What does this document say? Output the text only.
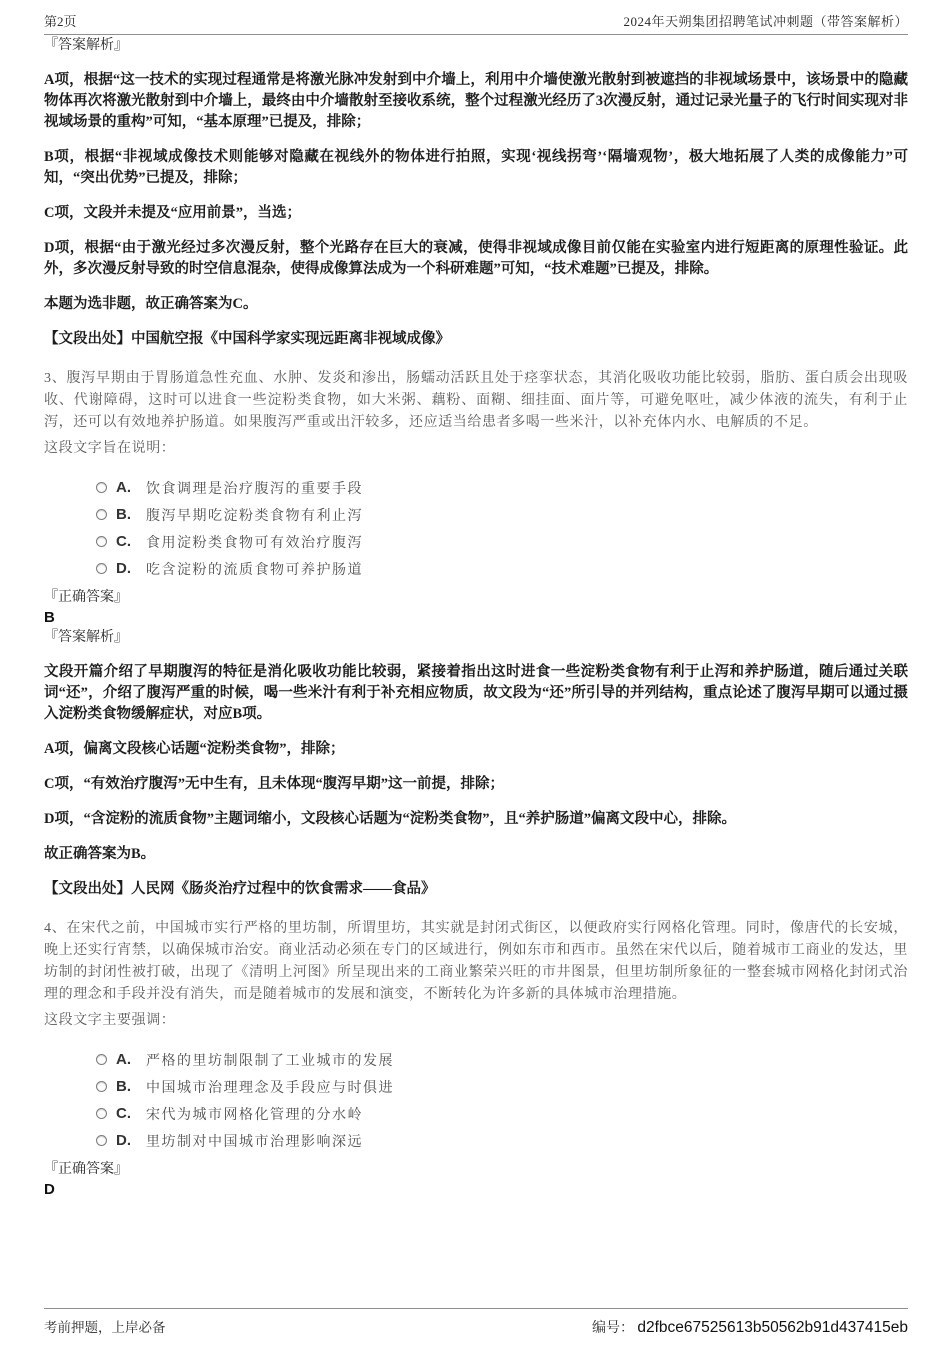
第2页	2024年天朔集团招聘笔试冲刺题（带答案解析）

『答案解析』

A项，根据“这一技术的实现过程通常是将激光脉冲发射到中介墙上，利用中介墙使激光散射到被遮挡的非视域场景中，该场景中的隐藏物体再次将激光散射到中介墙上，最终由中介墙散射至接收系统，整个过程激光经历了3次漫反射，通过记录光量子的飞行时间实现对非视域场景的重构”可知，“基本原理”已提及，排除；

B项，根据“非视域成像技术则能够对隐藏在视线外的物体进行拍照，实现‘视线拐弯’‘隔墙观物’，极大地拓展了人类的成像能力”可知，“突出优势”已提及，排除；

C项，文段并未提及“应用前景”，当选；

D项，根据“由于激光经过多次漫反射，整个光路存在巨大的衰减，使得非视域成像目前仅能在实验室内进行短距离的原理性验证。此外，多次漫反射导致的时空信息混杂，使得成像算法成为一个科研难题”可知，“技术难题”已提及，排除。

本题为选非题，故正确答案为C。

【文段出处】中国航空报《中国科学家实现远距离非视域成像》

3、腹泻早期由于胃肠道急性充血、水肿、发炎和渗出，肠蠕动活跃且处于痉挛状态，其消化吸收功能比较弱，脂肪、蛋白质会出现吸收、代谢障碍，这时可以进食一些淀粉类食物，如大米粥、藕粉、面糊、细挂面、面片等，可避免呕吐，减少体液的流失，有利于止泻，还可以有效地养护肠道。如果腹泻严重或出汗较多，还应适当给患者多喝一些米汁，以补充体内水、电解质的不足。

这段文字旨在说明：

A.	饮食调理是治疗腹泻的重要手段
B.	腹泻早期吃淀粉类食物有利止泻
C.	食用淀粉类食物可有效治疗腹泻
D.	吃含淀粉的流质食物可养护肠道

『正确答案』

B

『答案解析』

文段开篇介绍了早期腹泻的特征是消化吸收功能比较弱，紧接着指出这时进食一些淀粉类食物有利于止泻和养护肠道，随后通过关联词“还”，介绍了腹泻严重的时候，喝一些米汁有利于补充相应物质，故文段为“还”所引导的并列结构，重点论述了腹泻早期可以通过摄入淀粉类食物缓解症状，对应B项。

A项，偏离文段核心话题“淀粉类食物”，排除；

C项，“有效治疗腹泻”无中生有，且未体现“腹泻早期”这一前提，排除；

D项，“含淀粉的流质食物”主题词缩小，文段核心话题为“淀粉类食物”，且“养护肠道”偏离文段中心，排除。

故正确答案为B。

【文段出处】人民网《肠炎治疗过程中的饮食需求——食品》

4、在宋代之前，中国城市实行严格的里坊制，所谓里坊，其实就是封闭式街区，以便政府实行网格化管理。同时，像唐代的长安城，晚上还实行宵禁，以确保城市治安。商业活动必须在专门的区域进行，例如东市和西市。虽然在宋代以后，随着城市工商业的发达，里坊制的封闭性被打破，出现了《清明上河图》所呈现出来的工商业繁荣兴旺的市井图景，但里坊制所象征的一整套城市网格化封闭式治理的理念和手段并没有消失，而是随着城市的发展和演变，不断转化为许多新的具体城市治理措施。

这段文字主要强调：

A.	严格的里坊制限制了工业城市的发展
B.	中国城市治理理念及手段应与时俱进
C.	宋代为城市网格化管理的分水岭
D.	里坊制对中国城市治理影响深远

『正确答案』

D

考前押题，上岸必备	编号： d2fbce67525613b50562b91d437415eb
